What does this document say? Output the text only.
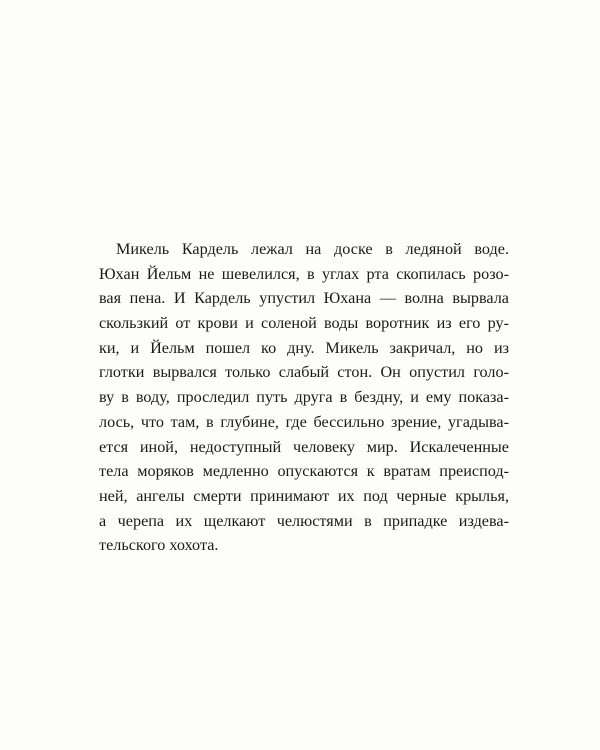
Микель Кардель лежал на доске в ледяной воде.
Юхан Йельм не шевелился, в углах рта скопилась розо-
вая пена. И Кардель упустил Юхана — волна вырвала
скользкий от крови и соленой воды воротник из его ру-
ки, и Йельм пошел ко дну. Микель закричал, но из
глотки вырвался только слабый стон. Он опустил голо-
ву в воду, проследил путь друга в бездну, и ему показа-
лось, что там, в глубине, где бессильно зрение, угадыва-
ется иной, недоступный человеку мир. Искалеченные
тела моряков медленно опускаются к вратам преиспод-
ней, ангелы смерти принимают их под черные крылья,
а черепа их щелкают челюстями в припадке издева-
тельского хохота.
